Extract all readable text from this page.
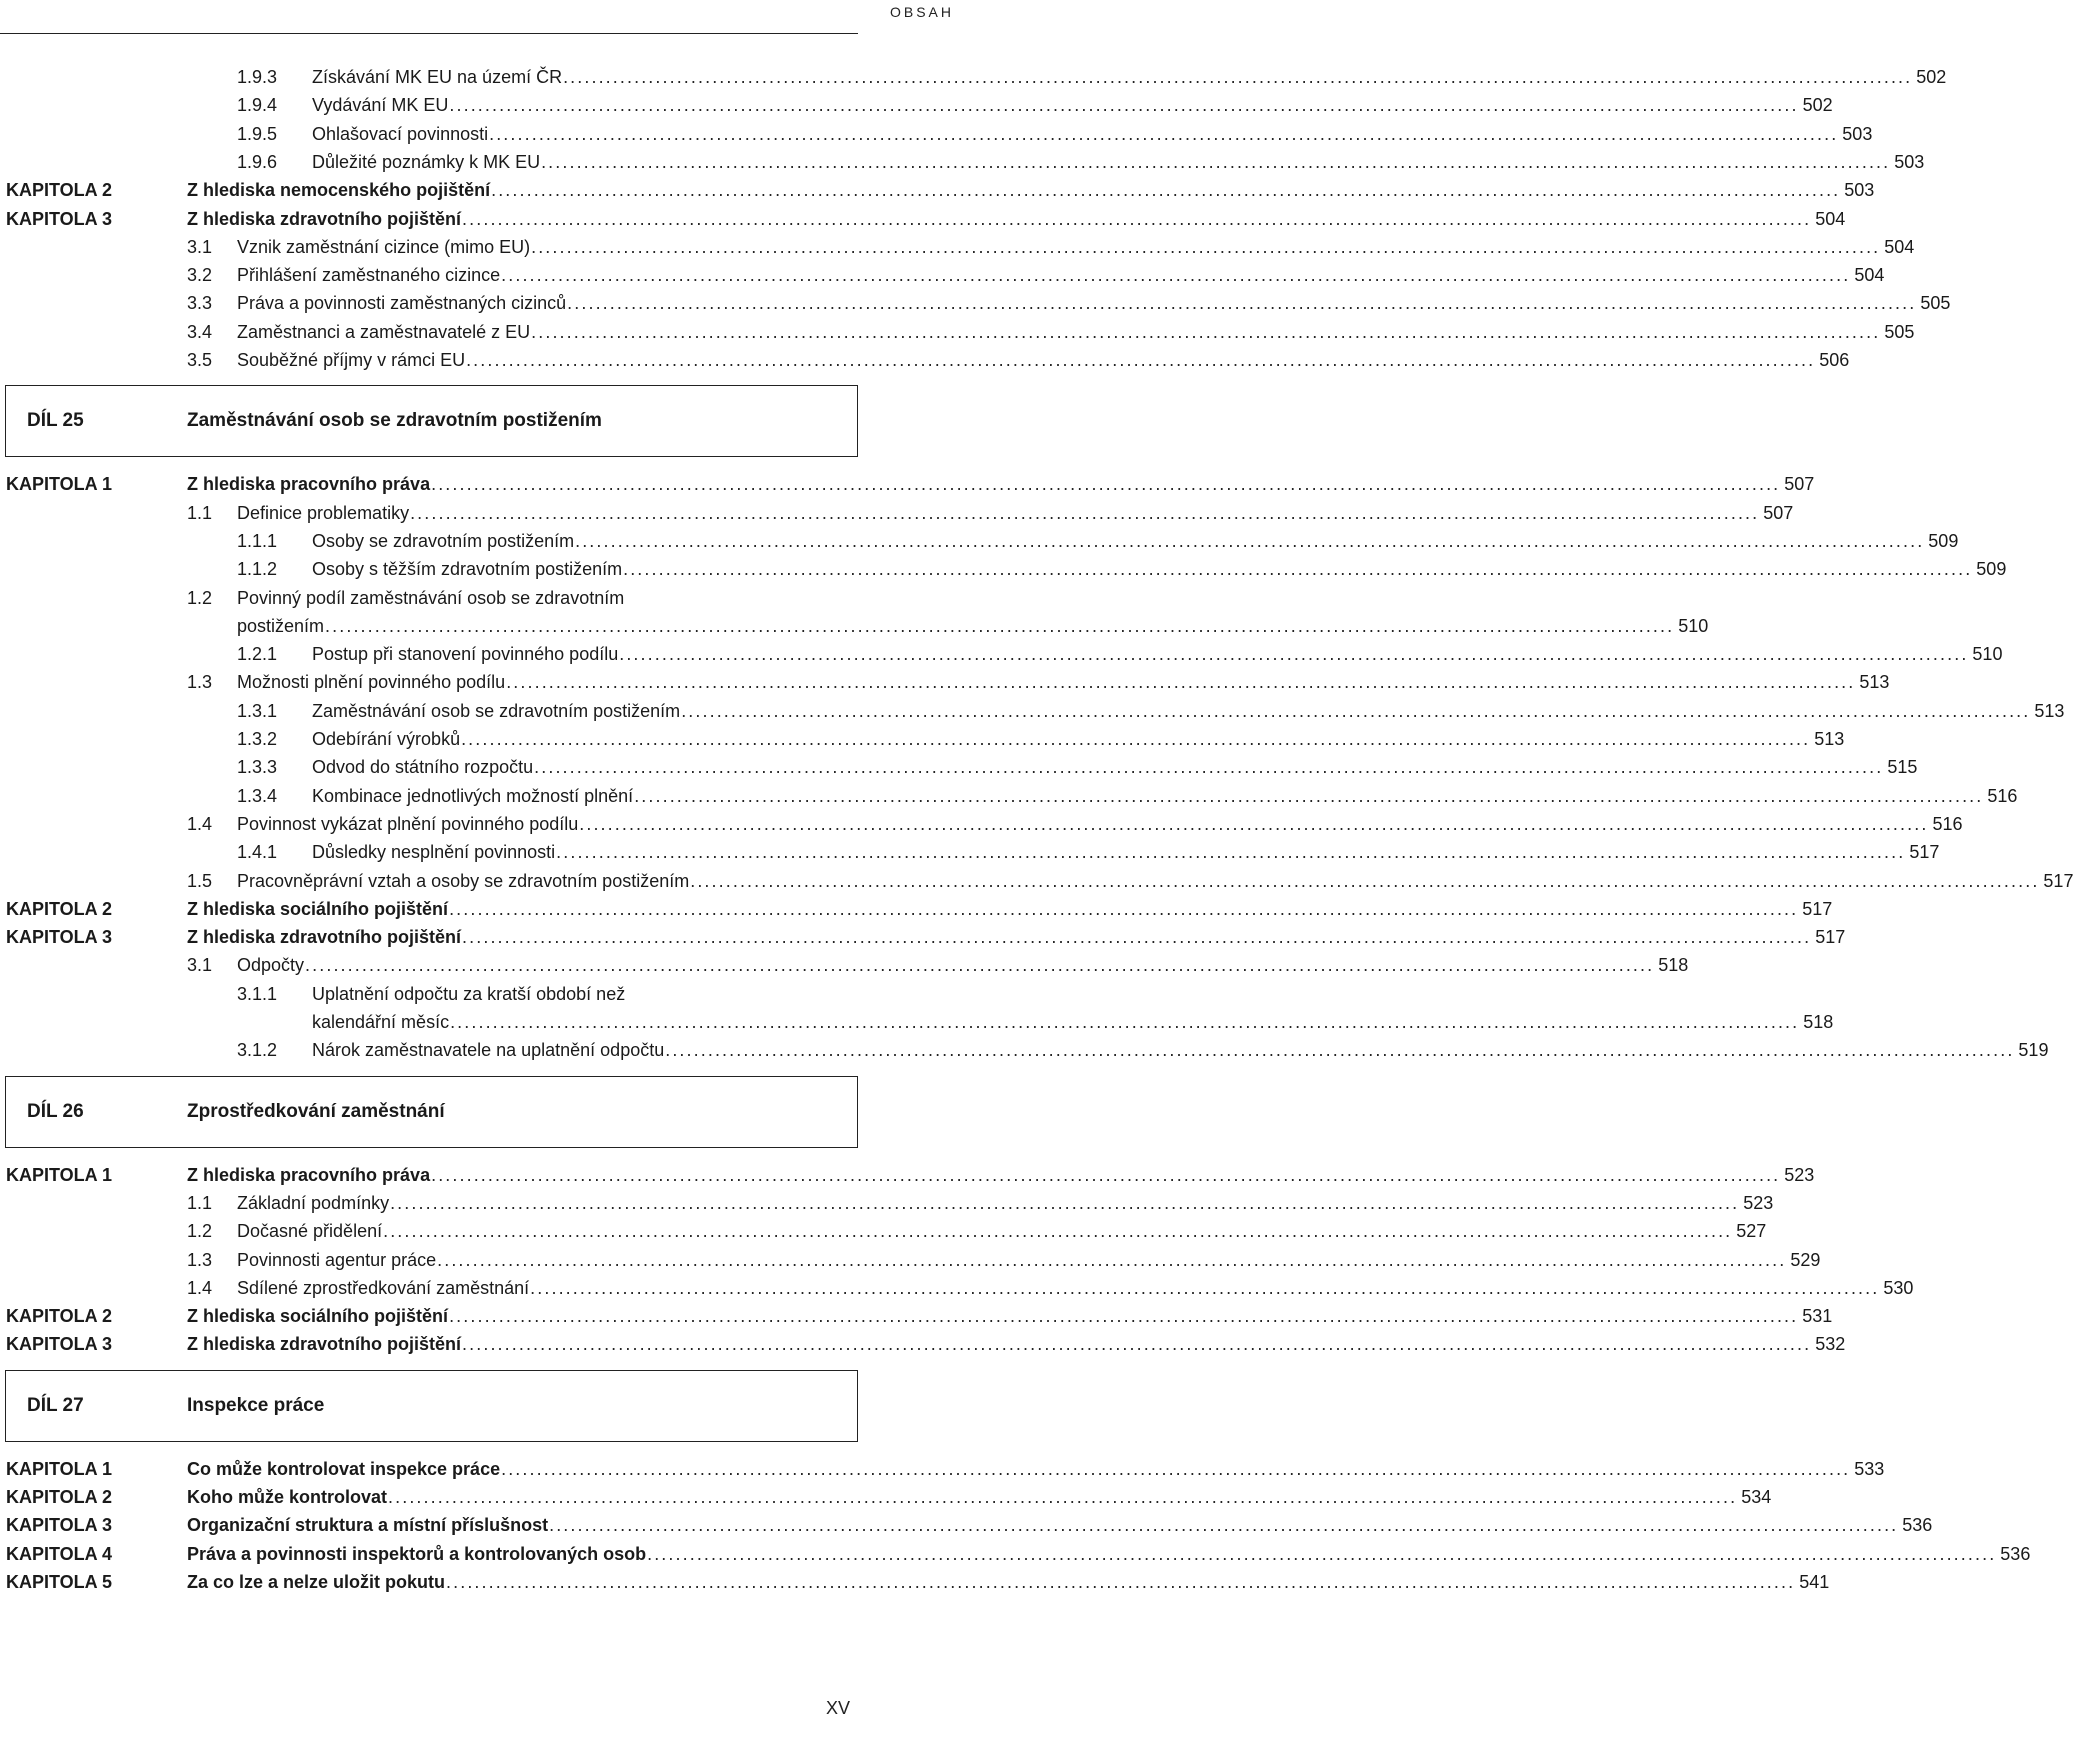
OBSAH
1.9.3 Získávání MK EU na území ČR .............................................................................................................................................................................................. 502
1.9.4 Vydávání MK EU .............................................................................................................................................................................................. 502
1.9.5 Ohlašovací povinnosti .............................................................................................................................................................................................. 503
1.9.6 Důležité poznámky k MK EU .............................................................................................................................................................................................. 503
KAPITOLA 2	Z hlediska nemocenského pojištění .............................................................................................................................................................................................. 503
KAPITOLA 3	Z hlediska zdravotního pojištění .............................................................................................................................................................................................. 504
3.1 Vznik zaměstnání cizince (mimo EU) .............................................................................................................................................................................................. 504
3.2 Přihlášení zaměstnaného cizince .............................................................................................................................................................................................. 504
3.3 Práva a povinnosti zaměstnaných cizinců .............................................................................................................................................................................................. 505
3.4 Zaměstnanci a zaměstnavatelé z EU .............................................................................................................................................................................................. 505
3.5 Souběžné příjmy v rámci EU .............................................................................................................................................................................................. 506
DÍL 25	Zaměstnávání osob se zdravotním postižením
KAPITOLA 1	Z hlediska pracovního práva .............................................................................................................................................................................................. 507
1.1 Definice problematiky .............................................................................................................................................................................................. 507
1.1.1 Osoby se zdravotním postižením .............................................................................................................................................................................................. 509
1.1.2 Osoby s těžším zdravotním postižením .............................................................................................................................................................................................. 509
1.2 Povinný podíl zaměstnávání osob se zdravotním
postižením .............................................................................................................................................................................................. 510
1.2.1 Postup při stanovení povinného podílu .............................................................................................................................................................................................. 510
1.3 Možnosti plnění povinného podílu .............................................................................................................................................................................................. 513
1.3.1 Zaměstnávání osob se zdravotním postižením .............................................................................................................................................................................................. 513
1.3.2 Odebírání výrobků .............................................................................................................................................................................................. 513
1.3.3 Odvod do státního rozpočtu .............................................................................................................................................................................................. 515
1.3.4 Kombinace jednotlivých možností plnění .............................................................................................................................................................................................. 516
1.4 Povinnost vykázat plnění povinného podílu .............................................................................................................................................................................................. 516
1.4.1 Důsledky nesplnění povinnosti .............................................................................................................................................................................................. 517
1.5 Pracovněprávní vztah a osoby se zdravotním postižením .............................................................................................................................................................................................. 517
KAPITOLA 2	Z hlediska sociálního pojištění .............................................................................................................................................................................................. 517
KAPITOLA 3	Z hlediska zdravotního pojištění .............................................................................................................................................................................................. 517
3.1 Odpočty .............................................................................................................................................................................................. 518
3.1.1 Uplatnění odpočtu za kratší období než
kalendářní měsíc .............................................................................................................................................................................................. 518
3.1.2 Nárok zaměstnavatele na uplatnění odpočtu .............................................................................................................................................................................................. 519
DÍL 26	Zprostředkování zaměstnání
KAPITOLA 1	Z hlediska pracovního práva .............................................................................................................................................................................................. 523
1.1 Základní podmínky .............................................................................................................................................................................................. 523
1.2 Dočasné přidělení .............................................................................................................................................................................................. 527
1.3 Povinnosti agentur práce .............................................................................................................................................................................................. 529
1.4 Sdílené zprostředkování zaměstnání .............................................................................................................................................................................................. 530
KAPITOLA 2	Z hlediska sociálního pojištění .............................................................................................................................................................................................. 531
KAPITOLA 3	Z hlediska zdravotního pojištění .............................................................................................................................................................................................. 532
DÍL 27	Inspekce práce
KAPITOLA 1	Co může kontrolovat inspekce práce .............................................................................................................................................................................................. 533
KAPITOLA 2	Koho může kontrolovat .............................................................................................................................................................................................. 534
KAPITOLA 3	Organizační struktura a místní příslušnost .............................................................................................................................................................................................. 536
KAPITOLA 4	Práva a povinnosti inspektorů a kontrolovaných osob .............................................................................................................................................................................................. 536
KAPITOLA 5	Za co lze a nelze uložit pokutu .............................................................................................................................................................................................. 541
XV
